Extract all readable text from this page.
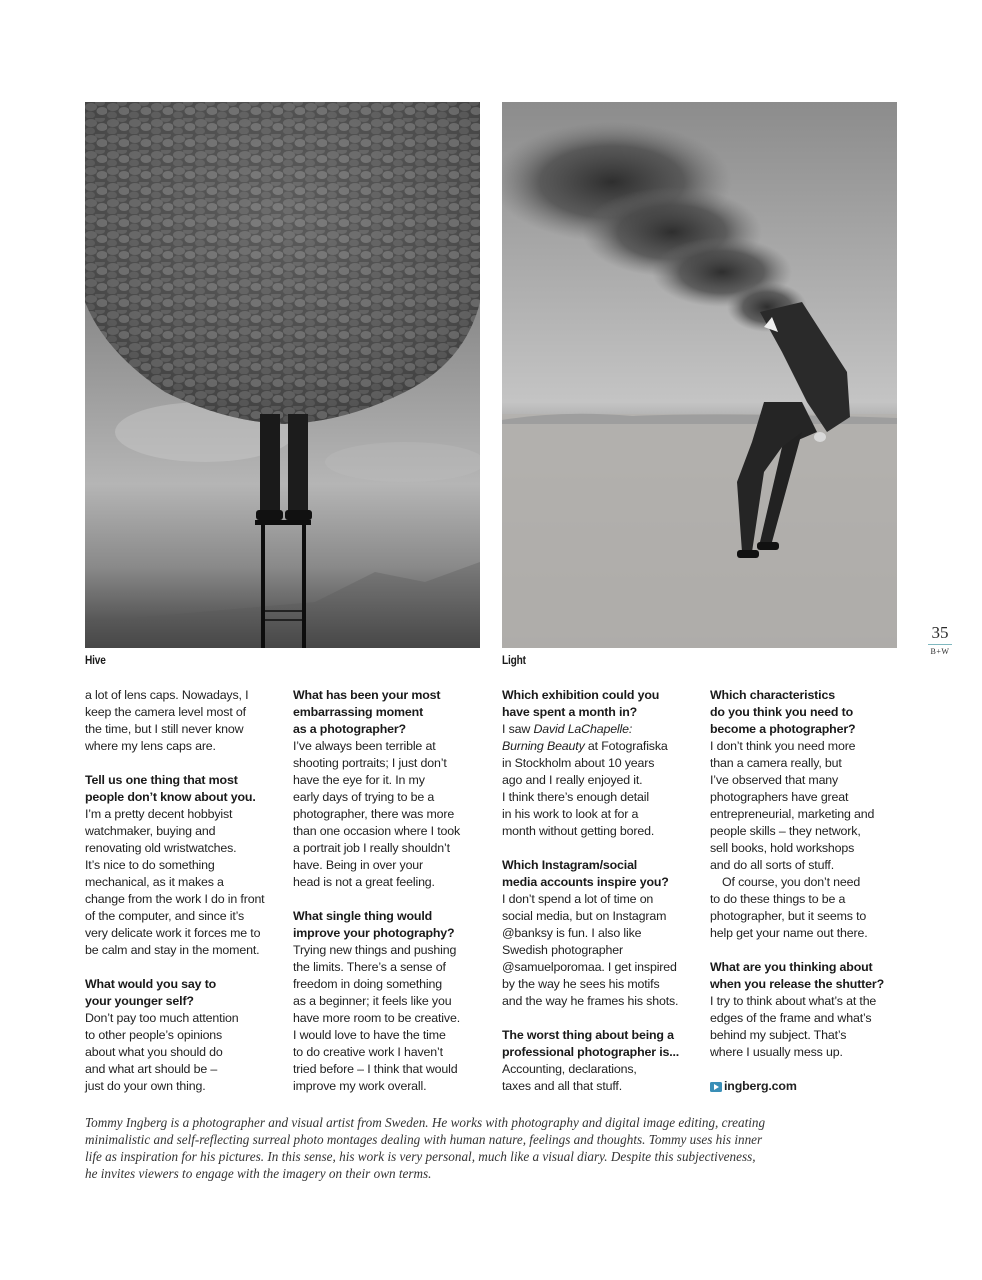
Hive	Light
a lot of lens caps. Nowadays, I
keep the camera level most of
the time, but I still never know
where my lens caps are.
Tell us one thing that most
people don’t know about you.
I’m a pretty decent hobbyist
watchmaker, buying and
renovating old wristwatches.
It’s nice to do something
mechanical, as it makes a
change from the work I do in front
of the computer, and since it’s
very delicate work it forces me to
be calm and stay in the moment.
What would you say to
your younger self?
Don’t pay too much attention
to other people’s opinions
about what you should do
and what art should be –
just do your own thing.
What has been your most
embarrassing moment
as a photographer?
I’ve always been terrible at
shooting portraits; I just don’t
have the eye for it. In my
early days of trying to be a
photographer, there was more
than one occasion where I took
a portrait job I really shouldn’t
have. Being in over your
head is not a great feeling.
What single thing would
improve your photography?
Trying new things and pushing
the limits. There’s a sense of
freedom in doing something
as a beginner; it feels like you
have more room to be creative.
I would love to have the time
to do creative work I haven’t
tried before – I think that would
improve my work overall.
Which exhibition could you
have spent a month in?
I saw David LaChapelle:
Burning Beauty at Fotografiska
in Stockholm about 10 years
ago and I really enjoyed it.
I think there’s enough detail
in his work to look at for a
month without getting bored.
Which Instagram/social
media accounts inspire you?
I don’t spend a lot of time on
social media, but on Instagram
@banksy is fun. I also like
Swedish photographer
@samuelporomaa. I get inspired
by the way he sees his motifs
and the way he frames his shots.
The worst thing about being a
professional photographer is...
Accounting, declarations,
taxes and all that stuff.
Which characteristics
do you think you need to
become a photographer?
I don’t think you need more
than a camera really, but
I’ve observed that many
photographers have great
entrepreneurial, marketing and
people skills – they network,
sell books, hold workshops
and do all sorts of stuff.
Of course, you don’t need
to do these things to be a
photographer, but it seems to
help get your name out there.
What are you thinking about
when you release the shutter?
I try to think about what’s at the
edges of the frame and what’s
behind my subject. That’s
where I usually mess up.
ingberg.com
Tommy Ingberg is a photographer and visual artist from Sweden. He works with photography and digital image editing, creating
minimalistic and self-reflecting surreal photo montages dealing with human nature, feelings and thoughts. Tommy uses his inner
life as inspiration for his pictures. In this sense, his work is very personal, much like a visual diary. Despite this subjectiveness,
he invites viewers to engage with the imagery on their own terms.
35
B+W
